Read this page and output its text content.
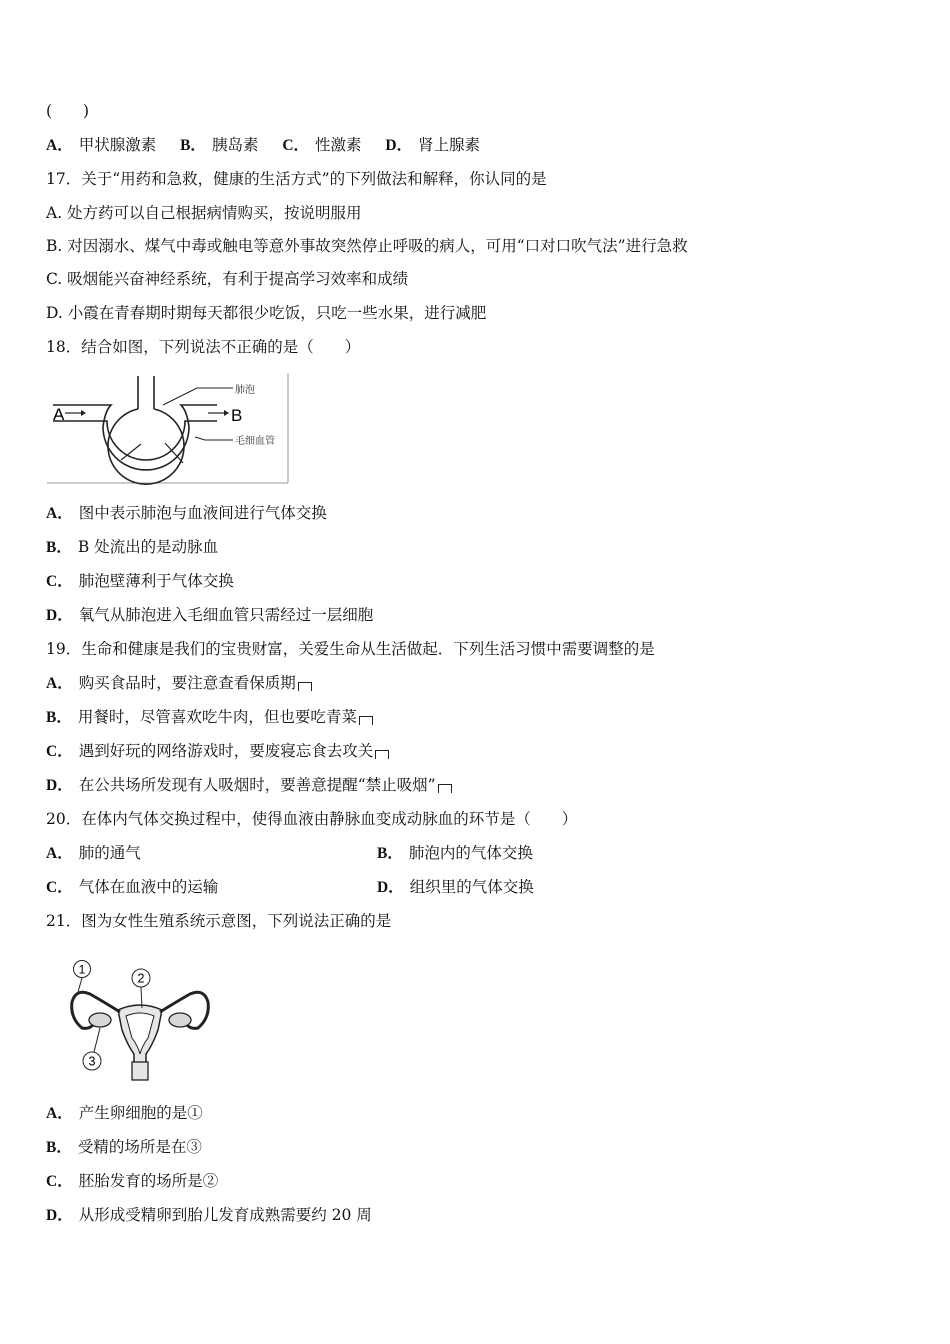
(　　)
A． 甲状腺激素 B． 胰岛素 C． 性激素 D． 肾上腺素
17．关于“用药和急救，健康的生活方式”的下列做法和解释，你认同的是
A. 处方药可以自己根据病情购买，按说明服用
B. 对因溺水、煤气中毒或触电等意外事故突然停止呼吸的病人，可用“口对口吹气法”进行急救
C. 吸烟能兴奋神经系统，有利于提高学习效率和成绩
D. 小霞在青春期时期每天都很少吃饭，只吃一些水果，进行减肥
18．结合如图，下列说法不正确的是（　　）
A	B
肺泡
毛细血管
A． 图中表示肺泡与血液间进行气体交换
B． B 处流出的是动脉血
C． 肺泡壁薄利于气体交换
D． 氧气从肺泡进入毛细血管只需经过一层细胞
19．生命和健康是我们的宝贵财富，关爱生命从生活做起．下列生活习惯中需要调整的是
A． 购买食品时，要注意查看保质期
B． 用餐时，尽管喜欢吃牛肉，但也要吃青菜
C． 遇到好玩的网络游戏时，要废寝忘食去攻关
D． 在公共场所发现有人吸烟时，要善意提醒“禁止吸烟”
20．在体内气体交换过程中，使得血液由静脉血变成动脉血的环节是（　　）
A． 肺的通气	B． 肺泡内的气体交换
C． 气体在血液中的运输	D． 组织里的气体交换
21．图为女性生殖系统示意图，下列说法正确的是
1
2
3
A． 产生卵细胞的是①
B． 受精的场所是在③
C． 胚胎发育的场所是②
D． 从形成受精卵到胎儿发育成熟需要约 20 周
